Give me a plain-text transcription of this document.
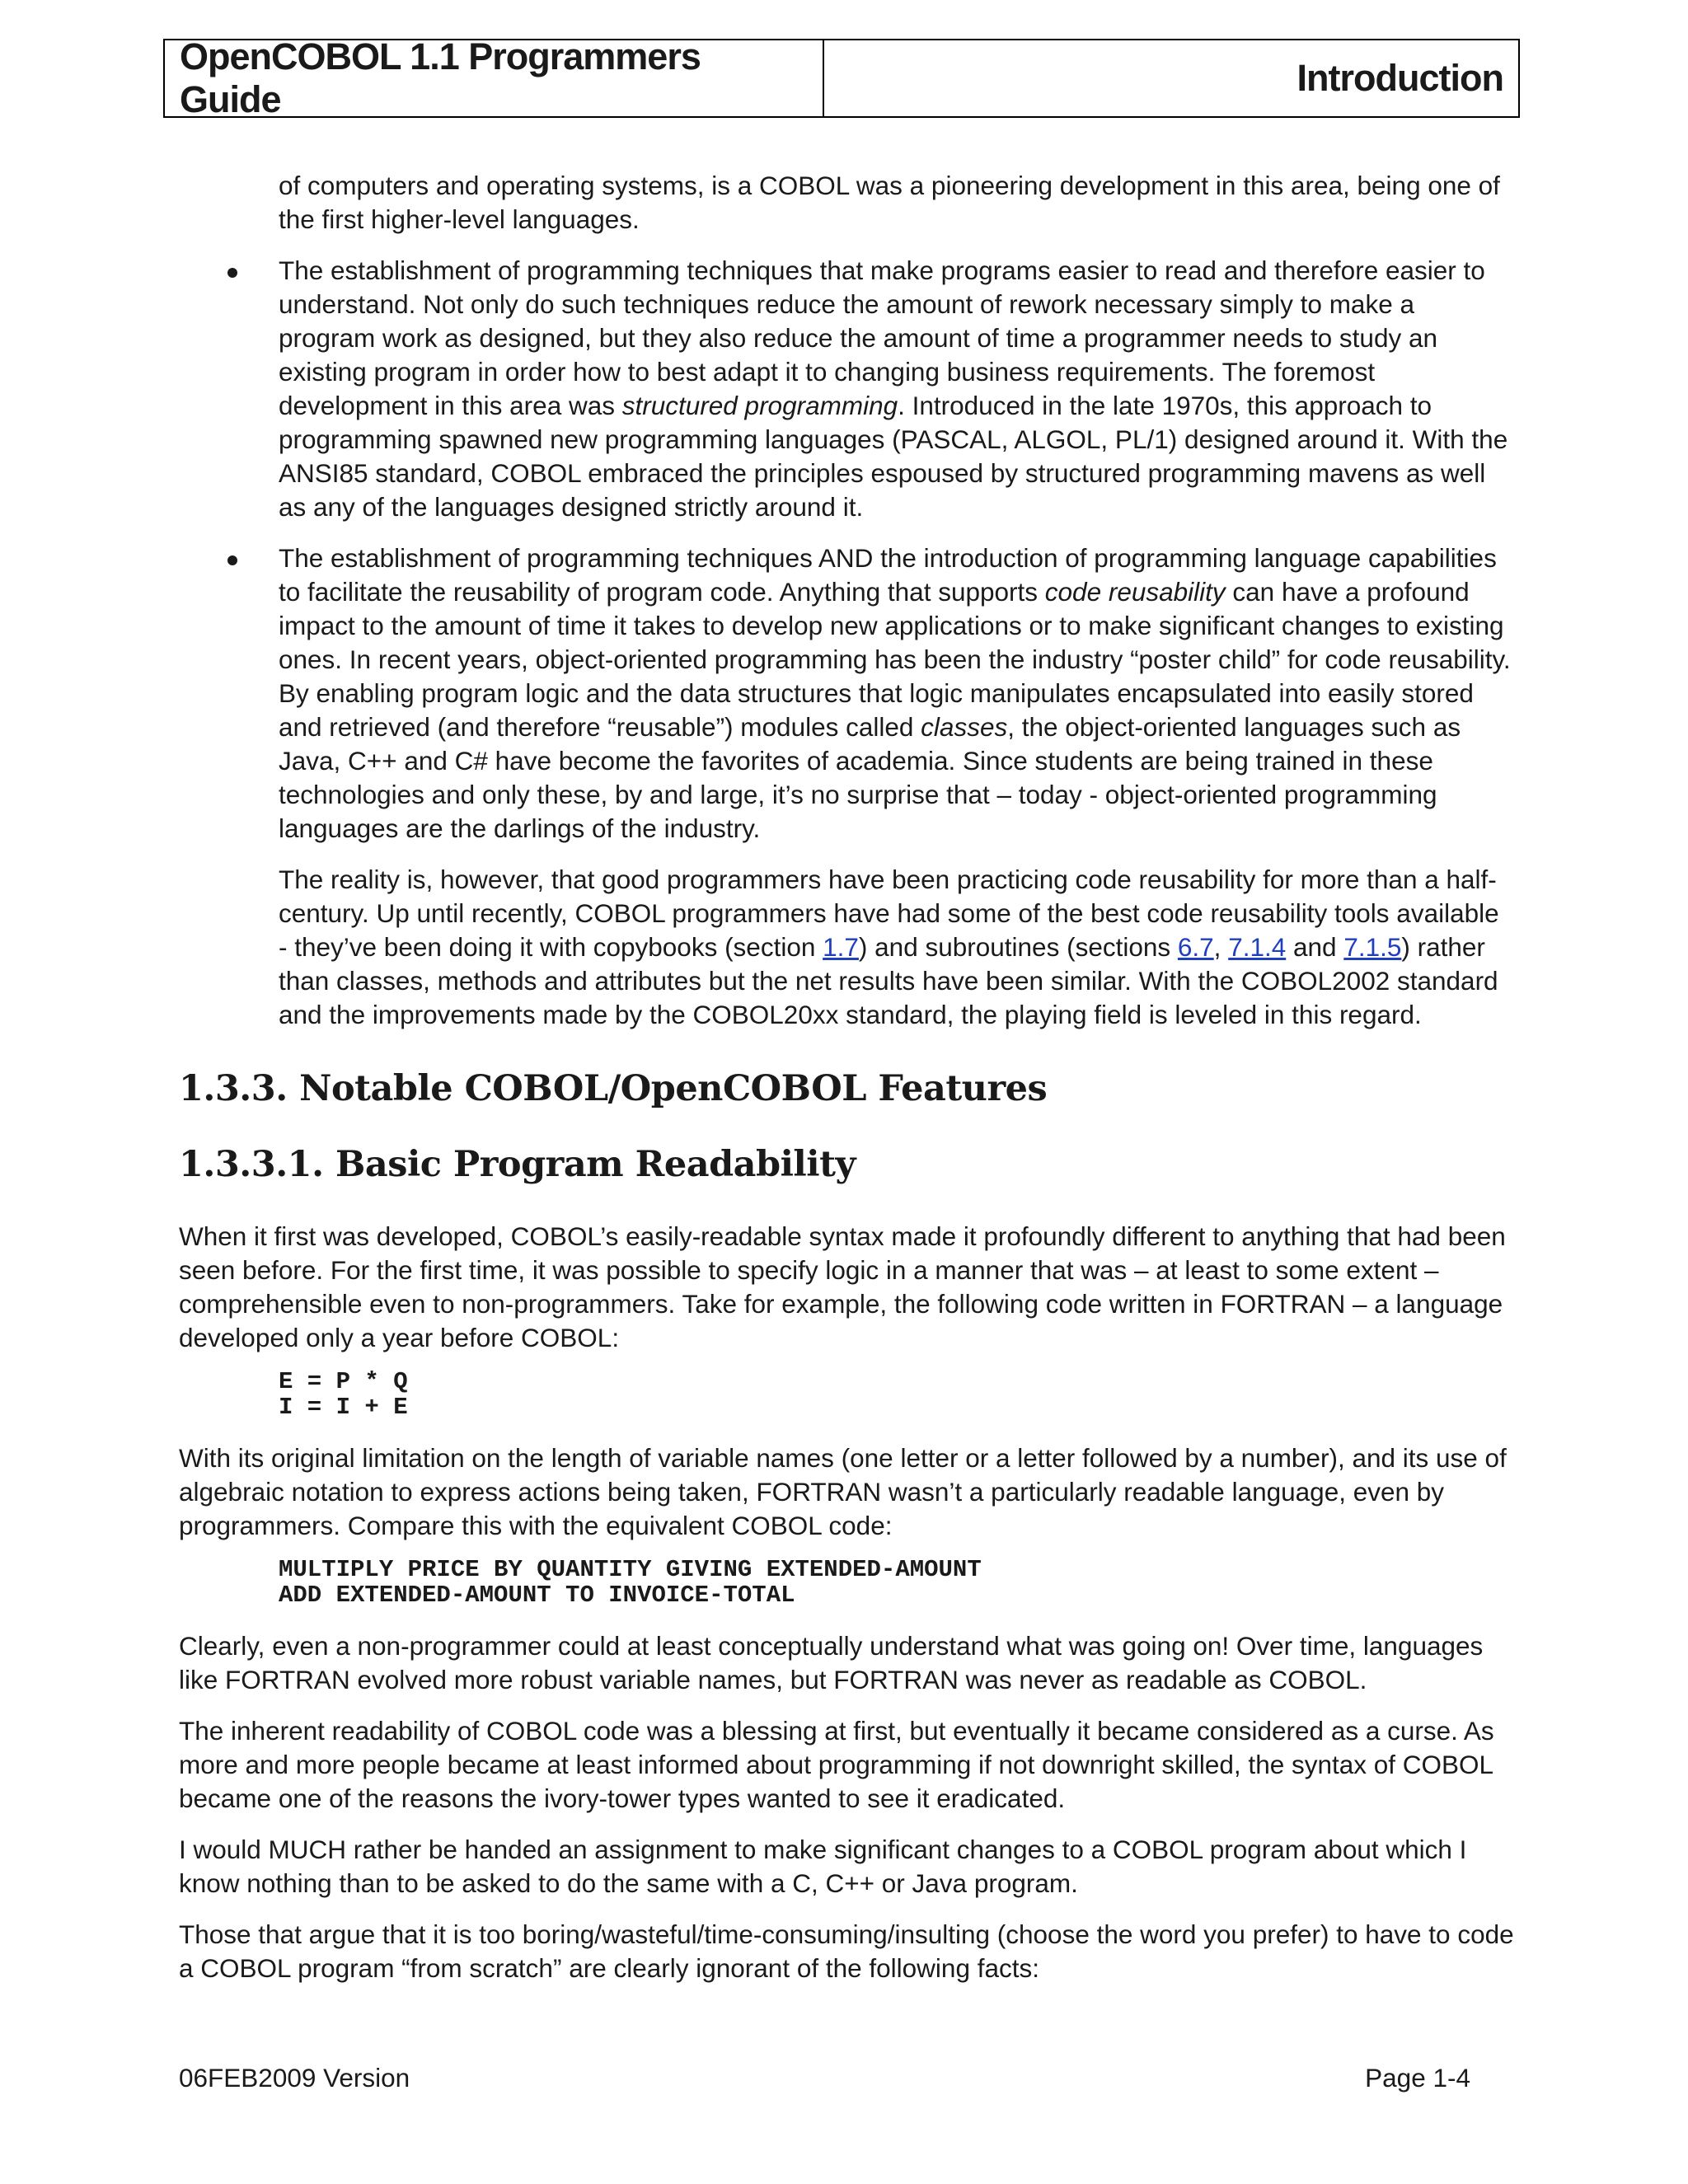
OpenCOBOL 1.1 Programmers Guide
Introduction

of computers and operating systems, is a COBOL was a pioneering development in this area, being one of the first higher-level languages.

The establishment of programming techniques that make programs easier to read and therefore easier to understand. Not only do such techniques reduce the amount of rework necessary simply to make a program work as designed, but they also reduce the amount of time a programmer needs to study an existing program in order how to best adapt it to changing business requirements. The foremost development in this area was structured programming. Introduced in the late 1970s, this approach to programming spawned new programming languages (PASCAL, ALGOL, PL/1) designed around it. With the ANSI85 standard, COBOL embraced the principles espoused by structured programming mavens as well as any of the languages designed strictly around it.

The establishment of programming techniques AND the introduction of programming language capabilities to facilitate the reusability of program code. Anything that supports code reusability can have a profound impact to the amount of time it takes to develop new applications or to make significant changes to existing ones. In recent years, object-oriented programming has been the industry “poster child” for code reusability. By enabling program logic and the data structures that logic manipulates encapsulated into easily stored and retrieved (and therefore “reusable”) modules called classes, the object-oriented languages such as Java, C++ and C# have become the favorites of academia. Since students are being trained in these technologies and only these, by and large, it’s no surprise that – today - object-oriented programming languages are the darlings of the industry.

The reality is, however, that good programmers have been practicing code reusability for more than a half-century. Up until recently, COBOL programmers have had some of the best code reusability tools available - they’ve been doing it with copybooks (section 1.7) and subroutines (sections 6.7, 7.1.4 and 7.1.5) rather than classes, methods and attributes but the net results have been similar. With the COBOL2002 standard and the improvements made by the COBOL20xx standard, the playing field is leveled in this regard.

1.3.3. Notable COBOL/OpenCOBOL Features
1.3.3.1. Basic Program Readability

When it first was developed, COBOL’s easily-readable syntax made it profoundly different to anything that had been seen before. For the first time, it was possible to specify logic in a manner that was – at least to some extent – comprehensible even to non-programmers. Take for example, the following code written in FORTRAN – a language developed only a year before COBOL:

E = P * Q
I = I + E

With its original limitation on the length of variable names (one letter or a letter followed by a number), and its use of algebraic notation to express actions being taken, FORTRAN wasn’t a particularly readable language, even by programmers. Compare this with the equivalent COBOL code:

MULTIPLY PRICE BY QUANTITY GIVING EXTENDED-AMOUNT
ADD EXTENDED-AMOUNT TO INVOICE-TOTAL

Clearly, even a non-programmer could at least conceptually understand what was going on! Over time, languages like FORTRAN evolved more robust variable names, but FORTRAN was never as readable as COBOL.

The inherent readability of COBOL code was a blessing at first, but eventually it became considered as a curse. As more and more people became at least informed about programming if not downright skilled, the syntax of COBOL became one of the reasons the ivory-tower types wanted to see it eradicated.

I would MUCH rather be handed an assignment to make significant changes to a COBOL program about which I know nothing than to be asked to do the same with a C, C++ or Java program.

Those that argue that it is too boring/wasteful/time-consuming/insulting (choose the word you prefer) to have to code a COBOL program “from scratch” are clearly ignorant of the following facts:

06FEB2009 Version	Page 1-4
